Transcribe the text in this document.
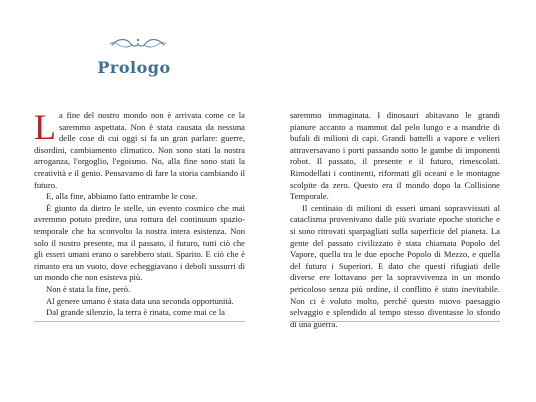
Prologo

La fine del nostro mondo non è arrivata come ce la saremmo aspettata. Non è stata causata da nessuna delle cose di cui oggi si fa un gran parlare: guerre, disordini, cambiamento climatico. Non sono stati la nostra arroganza, l'orgoglio, l'egoismo. No, alla fine sono stati la creatività e il genio. Pensavamo di fare la storia cambiando il futuro.

E, alla fine, abbiamo fatto entrambe le cose.

È giunto da dietro le stelle, un evento cosmico che mai avremmo potuto predire, una rottura del continuum spazio-temporale che ha sconvolto la nostra intera esistenza. Non solo il nostro presente, ma il passato, il futuro, tutti ciò che gli esseri umani erano o sarebbero stati. Sparito. E ciò che è rimasto era un vuoto, dove echeggiavano i deboli sussurri di un mondo che non esisteva più.

Non è stata la fine, però.

Al genere umano è stata data una seconda opportunità.

Dal grande silenzio, la terra è rinata, come mai ce la

saremmo immaginata. I dinosauri abitavano le grandi pianure accanto a mammut dal pelo lungo e a mandrie di bufali di milioni di capi. Grandi battelli a vapore e velieri attraversavano i porti passando sotto le gambe di imponenti robot. Il passato, il presente e il futuro, rimescolati. Rimodellati i continenti, riformati gli oceani e le montagne scolpite da zero. Questo era il mondo dopo la Collisione Temporale.

Il centinaio di milioni di esseri umani sopravvissuti al cataclisma provenivano dalle più svariate epoche storiche e si sono ritrovati sparpagliati sulla superficie del pianeta. La gente del passato civilizzato è stata chiamata Popolo del Vapore, quella tra le due epoche Popolo di Mezzo, e quella del futuro i Superiori. E dato che questi rifugiati delle diverse ere lottavano per la sopravvivenza in un mondo pericoloso senza più ordine, il conflitto è stato inevitabile. Non ci è voluto molto, perché questo nuovo paesaggio selvaggio e splendido al tempo stesso diventasse lo sfondo di una guerra.
